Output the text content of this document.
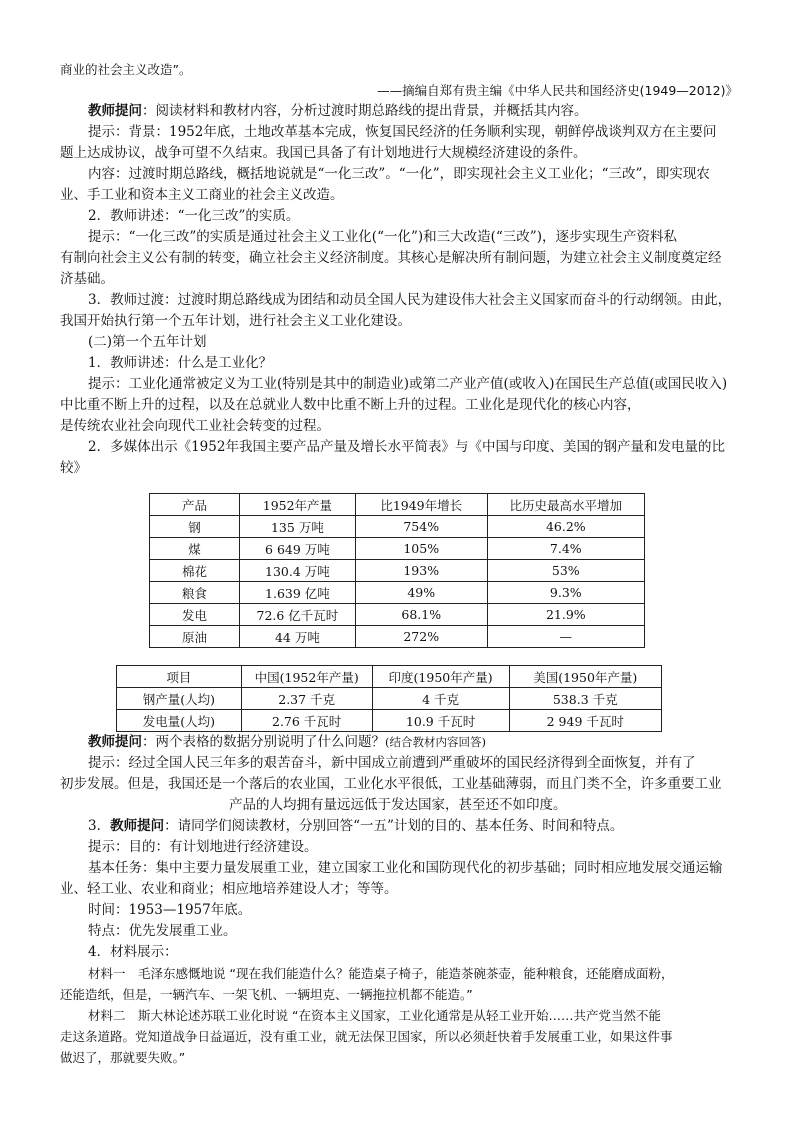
商业的社会主义改造”。

——摘编自郑有贵主编《中华人民共和国经济史(1949—2012)》

教师提问：阅读材料和教材内容，分析过渡时期总路线的提出背景，并概括其内容。

提示：背景：1952年底，土地改革基本完成，恢复国民经济的任务顺利实现，朝鲜停战谈判双方在主要问

题上达成协议，战争可望不久结束。我国已具备了有计划地进行大规模经济建设的条件。

内容：过渡时期总路线，概括地说就是“一化三改”。“一化”，即实现社会主义工业化；“三改”，即实现农

业、手工业和资本主义工商业的社会主义改造。

2．教师讲述：“一化三改”的实质。

提示：“一化三改”的实质是通过社会主义工业化(“一化”)和三大改造(“三改”)，逐步实现生产资料私

有制向社会主义公有制的转变，确立社会主义经济制度。其核心是解决所有制问题，为建立社会主义制度奠定经

济基础。

3．教师过渡：过渡时期总路线成为团结和动员全国人民为建设伟大社会主义国家而奋斗的行动纲领。由此，

我国开始执行第一个五年计划，进行社会主义工业化建设。

(二)第一个五年计划

1．教师讲述：什么是工业化？

提示：工业化通常被定义为工业(特别是其中的制造业)或第二产业产值(或收入)在国民生产总值(或国民收入)

中比重不断上升的过程，以及在总就业人数中比重不断上升的过程。工业化是现代化的核心内容，

是传统农业社会向现代工业社会转变的过程。

2．多媒体出示《1952年我国主要产品产量及增长水平简表》与《中国与印度、美国的钢产量和发电量的比

较》

产品	1952年产量	比1949年增长	比历史最高水平增加
钢	135 万吨	754%	46.2%
煤	6 649 万吨	105%	7.4%
棉花	130.4 万吨	193%	53%
粮食	1.639 亿吨	49%	9.3%
发电	72.6 亿千瓦时	68.1%	21.9%
原油	44 万吨	272%	—
项目	中国(1952年产量)	印度(1950年产量)	美国(1950年产量)
钢产量(人均)	2.37 千克	4 千克	538.3 千克
发电量(人均)	2.76 千瓦时	10.9 千瓦时	2 949 千瓦时

教师提问：两个表格的数据分别说明了什么问题？(结合教材内容回答)

提示：经过全国人民三年多的艰苦奋斗，新中国成立前遭到严重破坏的国民经济得到全面恢复，并有了

初步发展。但是，我国还是一个落后的农业国，工业化水平很低，工业基础薄弱，而且门类不全，许多重要工业

产品的人均拥有量远远低于发达国家，甚至还不如印度。

3．教师提问：请同学们阅读教材，分别回答“一五”计划的目的、基本任务、时间和特点。

提示：目的：有计划地进行经济建设。

基本任务：集中主要力量发展重工业，建立国家工业化和国防现代化的初步基础；同时相应地发展交通运输

业、轻工业、农业和商业；相应地培养建设人才；等等。

时间：1953—1957年底。

特点：优先发展重工业。

4．材料展示：

材料一　毛泽东感慨地说 “现在我们能造什么？能造桌子椅子，能造茶碗茶壶，能种粮食，还能磨成面粉，

还能造纸，但是，一辆汽车、一架飞机、一辆坦克、一辆拖拉机都不能造。”

材料二　斯大林论述苏联工业化时说 “在资本主义国家，工业化通常是从轻工业开始……共产党当然不能

走这条道路。党知道战争日益逼近，没有重工业，就无法保卫国家，所以必须赶快着手发展重工业，如果这件事

做迟了，那就要失败。”
